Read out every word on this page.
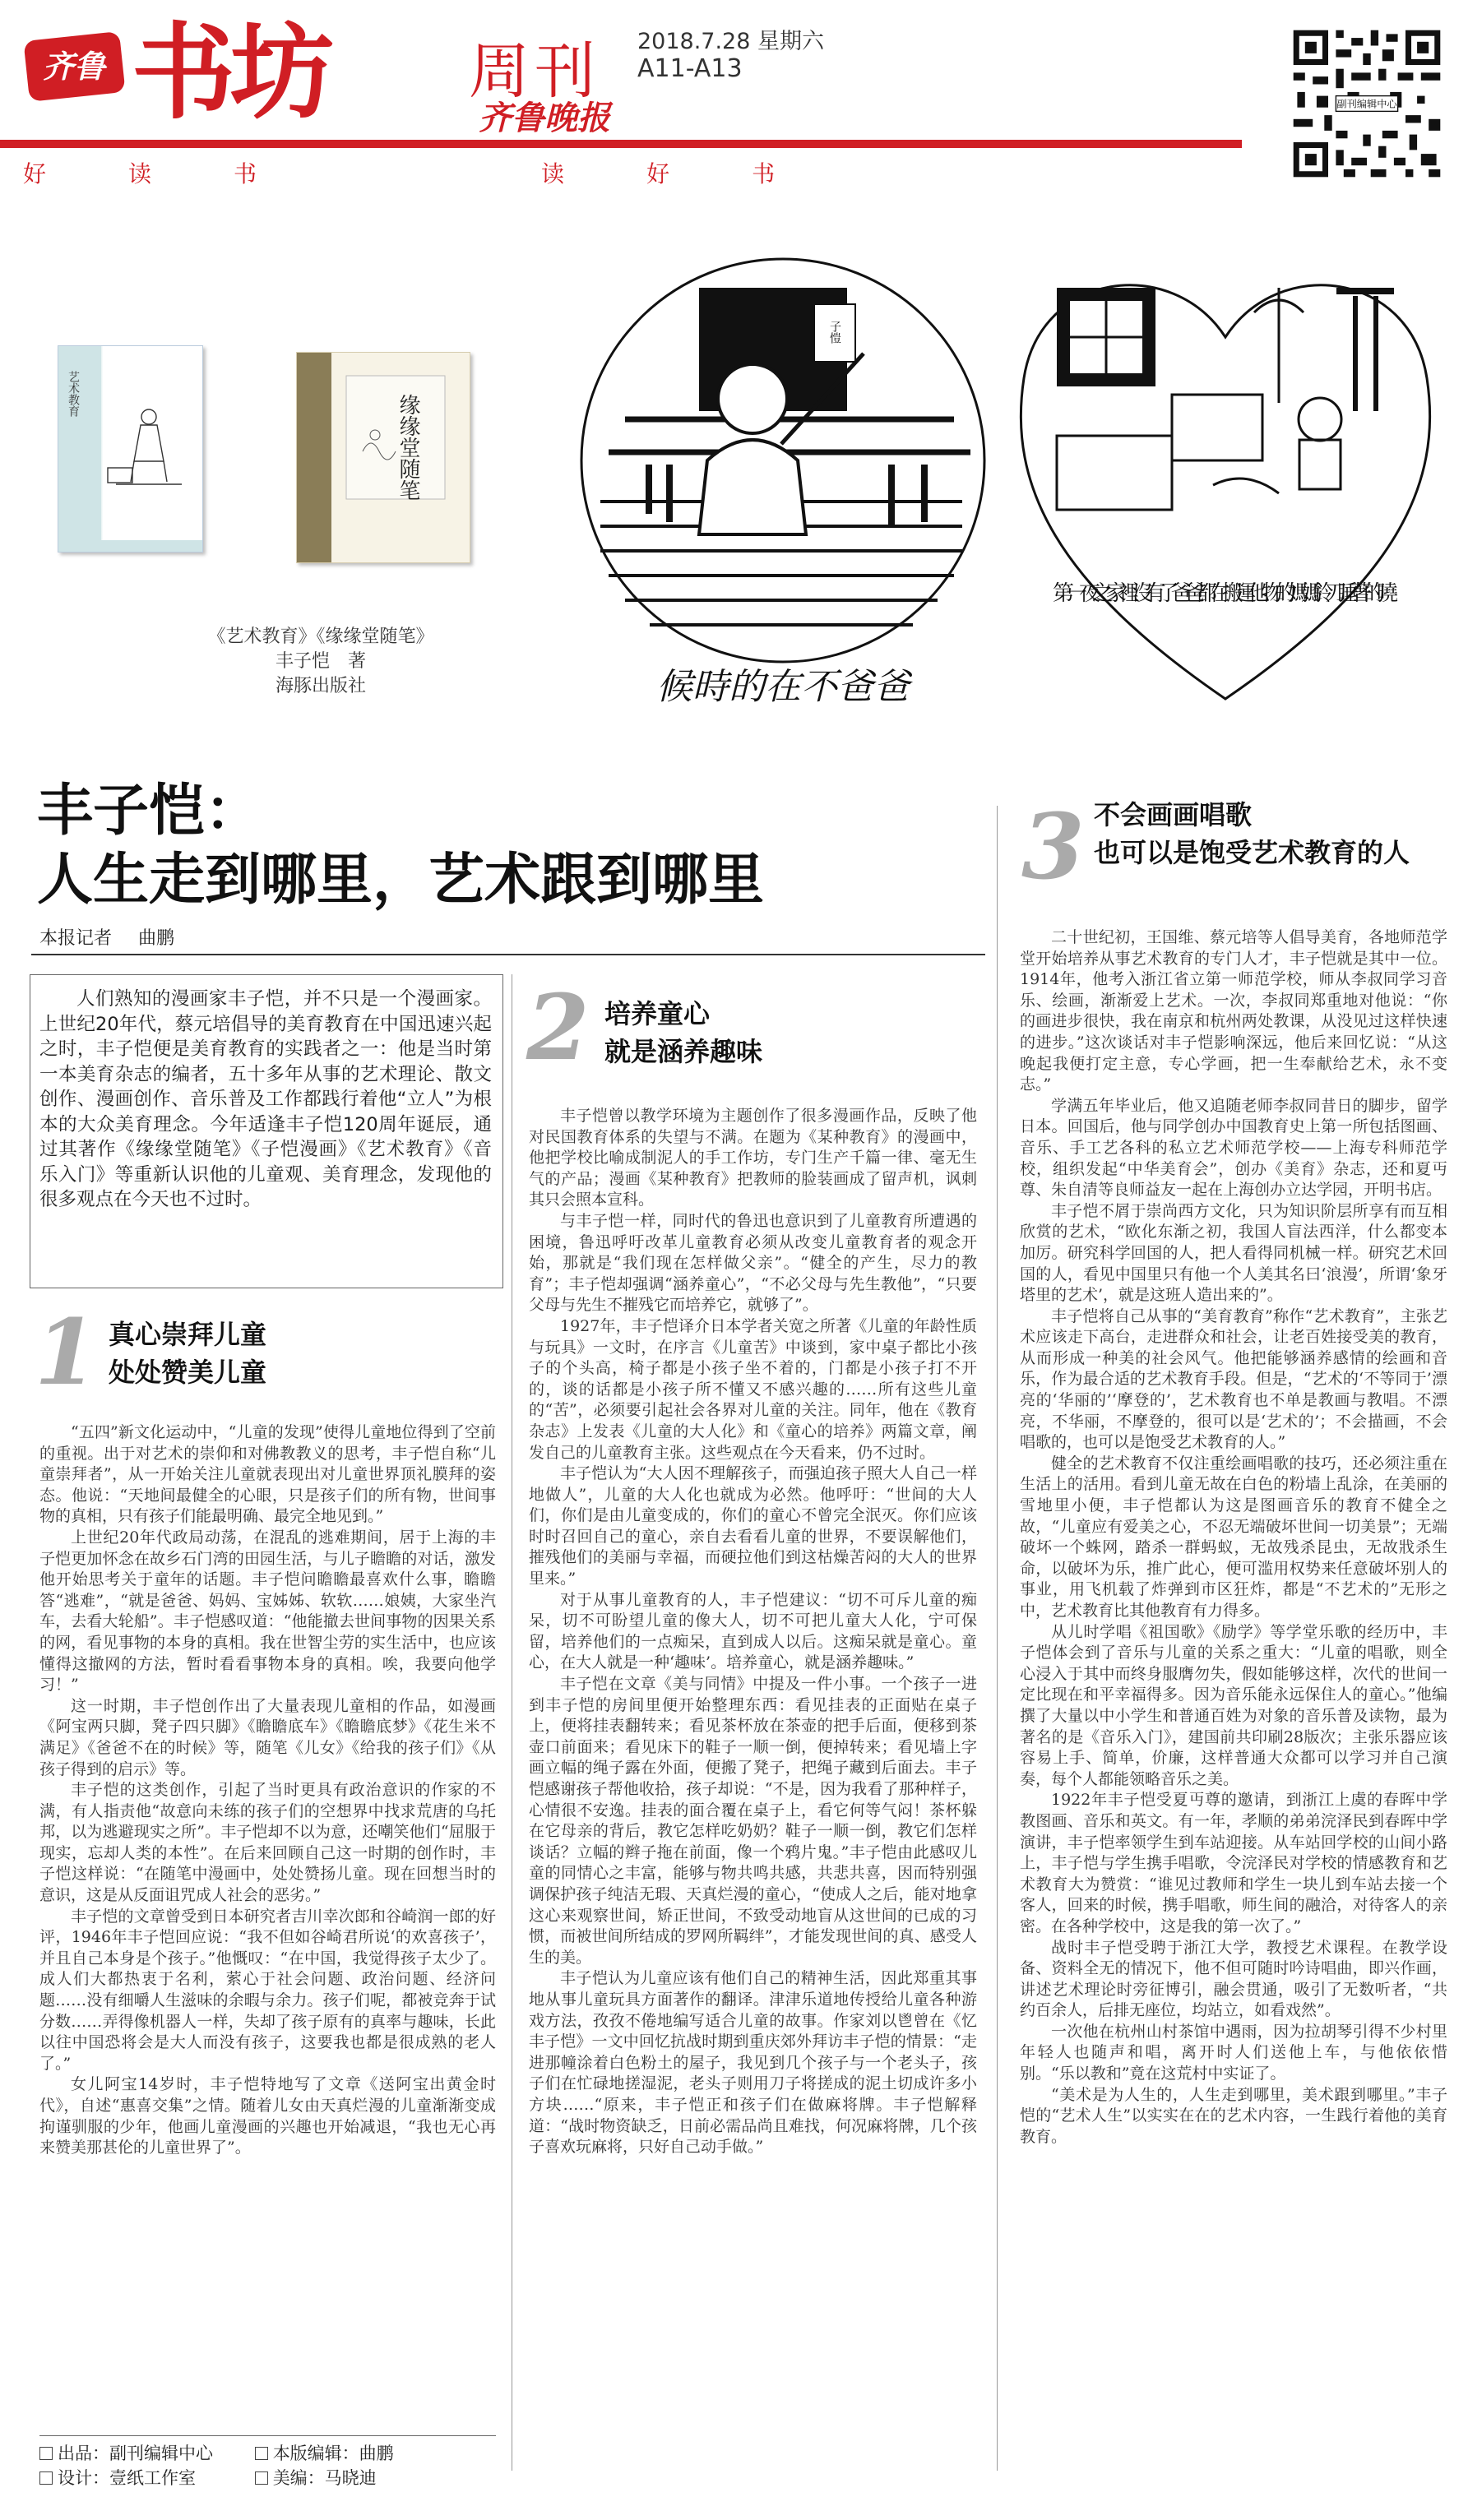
齐鲁 书坊 周刊
齐鲁晚报
2018.7.28 星期六
A11-A13
副刊编辑中心
好	读	书	读	好	书
艺术教育	缘缘堂随笔
《艺术教育》《缘缘堂随笔》
丰子恺　著
海豚出版社
子愷
候時的在不爸爸
第一夜之家裡沒有了爸爸 都在搬運他物的媽媽 鈴刀 睡著的曉
丰子恺：
人生走到哪里，艺术跟到哪里
本报记者 曲鹏

人们熟知的漫画家丰子恺，并不只是一个漫画家。上世纪20年代，蔡元培倡导的美育教育在中国迅速兴起之时，丰子恺便是美育教育的实践者之一：他是当时第一本美育杂志的编者，五十多年从事的艺术理论、散文创作、漫画创作、音乐普及工作都践行着他“立人”为根本的大众美育理念。今年适逢丰子恺120周年诞辰，通过其著作《缘缘堂随笔》《子恺漫画》《艺术教育》《音乐入门》等重新认识他的儿童观、美育理念，发现他的很多观点在今天也不过时。

1 真心崇拜儿童
处处赞美儿童

“五四”新文化运动中，“儿童的发现”使得儿童地位得到了空前的重视。出于对艺术的崇仰和对佛教教义的思考，丰子恺自称“儿童崇拜者”，从一开始关注儿童就表现出对儿童世界顶礼膜拜的姿态。他说：“天地间最健全的心眼，只是孩子们的所有物，世间事物的真相，只有孩子们能最明确、最完全地见到。”

上世纪20年代政局动荡，在混乱的逃难期间，居于上海的丰子恺更加怀念在故乡石门湾的田园生活，与儿子瞻瞻的对话，激发他开始思考关于童年的话题。丰子恺问瞻瞻最喜欢什么事，瞻瞻答“逃难”，“就是爸爸、妈妈、宝姊姊、软软……娘姨，大家坐汽车，去看大轮船”。丰子恺感叹道：“他能撤去世间事物的因果关系的网，看见事物的本身的真相。我在世智尘劳的实生活中，也应该懂得这撤网的方法，暂时看看事物本身的真相。唉，我要向他学习！”

这一时期，丰子恺创作出了大量表现儿童相的作品，如漫画《阿宝两只脚，凳子四只脚》《瞻瞻底车》《瞻瞻底梦》《花生米不满足》《爸爸不在的时候》等，随笔《儿女》《给我的孩子们》《从孩子得到的启示》等。

丰子恺的这类创作，引起了当时更具有政治意识的作家的不满，有人指责他“故意向未练的孩子们的空想界中找求荒唐的乌托邦，以为逃避现实之所”。丰子恺却不以为意，还嘲笑他们“屈服于现实，忘却人类的本性”。在后来回顾自己这一时期的创作时，丰子恺这样说：“在随笔中漫画中，处处赞扬儿童。现在回想当时的意识，这是从反面诅咒成人社会的恶劣。”

丰子恺的文章曾受到日本研究者吉川幸次郎和谷崎润一郎的好评，1946年丰子恺回应说：“我不但如谷崎君所说‘的欢喜孩子’，并且自己本身是个孩子。”他慨叹：“在中国，我觉得孩子太少了。成人们大都热衷于名利，萦心于社会问题、政治问题、经济问题……没有细嚼人生滋味的余暇与余力。孩子们呢，都被竞奔于试分数……弄得像机器人一样，失却了孩子原有的真率与趣味，长此以往中国恐将会是大人而没有孩子，这要我也都是很成熟的老人了。”

女儿阿宝14岁时，丰子恺特地写了文章《送阿宝出黄金时代》，自述“惠喜交集”之情。随着儿女由天真烂漫的儿童渐渐变成拘谨驯服的少年，他画儿童漫画的兴趣也开始减退，“我也无心再来赞美那甚伦的儿童世界了”。

2 培养童心
就是涵养趣味

丰子恺曾以教学环境为主题创作了很多漫画作品，反映了他对民国教育体系的失望与不满。在题为《某种教育》的漫画中，他把学校比喻成制泥人的手工作坊，专门生产千篇一律、毫无生气的产品；漫画《某种教育》把教师的脸装画成了留声机，讽刺其只会照本宣科。

与丰子恺一样，同时代的鲁迅也意识到了儿童教育所遭遇的困境，鲁迅呼吁改革儿童教育必须从改变儿童教育者的观念开始，那就是“我们现在怎样做父亲”。“健全的产生，尽力的教育”；丰子恺却强调“涵养童心”，“不必父母与先生教他”，“只要父母与先生不摧残它而培养它，就够了”。

1927年，丰子恺译介日本学者关宽之所著《儿童的年龄性质与玩具》一文时，在序言《儿童苦》中谈到，家中桌子都比小孩子的个头高，椅子都是小孩子坐不着的，门都是小孩子打不开的，谈的话都是小孩子所不懂又不感兴趣的……所有这些儿童的“苦”，必须要引起社会各界对儿童的关注。同年，他在《教育杂志》上发表《儿童的大人化》和《童心的培养》两篇文章，阐发自己的儿童教育主张。这些观点在今天看来，仍不过时。

丰子恺认为“大人因不理解孩子，而强迫孩子照大人自己一样地做人”，儿童的大人化也就成为必然。他呼吁：“世间的大人们，你们是由儿童变成的，你们的童心不曾完全泯灭。你们应该时时召回自己的童心，亲自去看看儿童的世界，不要误解他们，摧残他们的美丽与幸福，而硬拉他们到这枯燥苦闷的大人的世界里来。”

对于从事儿童教育的人，丰子恺建议：“切不可斥儿童的痴呆，切不可盼望儿童的像大人，切不可把儿童大人化，宁可保留，培养他们的一点痴呆，直到成人以后。这痴呆就是童心。童心，在大人就是一种‘趣味’。培养童心，就是涵养趣味。”

丰子恺在文章《美与同情》中提及一件小事。一个孩子一进到丰子恺的房间里便开始整理东西：看见挂表的正面贴在桌子上，便将挂表翻转来；看见茶杯放在茶壶的把手后面，便移到茶壶口前面来；看见床下的鞋子一顺一倒，便掉转来；看见墙上字画立幅的绳子露在外面，便搬了凳子，把绳子藏到后面去。丰子恺感谢孩子帮他收拾，孩子却说：“不是，因为我看了那种样子，心情很不安逸。挂表的面合覆在桌子上，看它何等气闷！茶杯躲在它母亲的背后，教它怎样吃奶奶？鞋子一顺一倒，教它们怎样谈话？立幅的辫子拖在前面，像一个鸦片鬼。”丰子恺由此感叹儿童的同情心之丰富，能够与物共鸣共感，共悲共喜，因而特别强调保护孩子纯洁无瑕、天真烂漫的童心，“使成人之后，能对地拿这心来观察世间，矫正世间，不致受动地盲从这世间的已成的习惯，而被世间所结成的罗网所羁绊”，才能发现世间的真、感受人生的美。

丰子恺认为儿童应该有他们自己的精神生活，因此郑重其事地从事儿童玩具方面著作的翻译。津津乐道地传授给儿童各种游戏方法，孜孜不倦地编写适合儿童的故事。作家刘以鬯曾在《忆丰子恺》一文中回忆抗战时期到重庆郊外拜访丰子恺的情景：“走进那幢涂着白色粉土的屋子，我见到几个孩子与一个老头子，孩子们在忙碌地搓湿泥，老头子则用刀子将搓成的泥土切成许多小方块……“原来，丰子恺正和孩子们在做麻将牌。丰子恺解释道：“战时物资缺乏，日前必需品尚且难找，何况麻将牌，几个孩子喜欢玩麻将，只好自己动手做。”

3 不会画画唱歌
也可以是饱受艺术教育的人

二十世纪初，王国维、蔡元培等人倡导美育，各地师范学堂开始培养从事艺术教育的专门人才，丰子恺就是其中一位。1914年，他考入浙江省立第一师范学校，师从李叔同学习音乐、绘画，渐渐爱上艺术。一次，李叔同郑重地对他说：“你的画进步很快，我在南京和杭州两处教课，从没见过这样快速的进步。”这次谈话对丰子恺影响深远，他后来回忆说：“从这晚起我便打定主意，专心学画，把一生奉献给艺术，永不变志。”

学满五年毕业后，他又追随老师李叔同昔日的脚步，留学日本。回国后，他与同学创办中国教育史上第一所包括图画、音乐、手工艺各科的私立艺术师范学校——上海专科师范学校，组织发起“中华美育会”，创办《美育》杂志，还和夏丏尊、朱自清等良师益友一起在上海创办立达学园，开明书店。

丰子恺不屑于崇尚西方文化，只为知识阶层所享有而互相欣赏的艺术，“欧化东渐之初，我国人盲法西洋，什么都变本加厉。研究科学回国的人，把人看得同机械一样。研究艺术回国的人，看见中国里只有他一个人美其名曰‘浪漫’，所谓‘象牙塔里的艺术’，就是这班人造出来的”。

丰子恺将自己从事的“美育教育”称作“艺术教育”，主张艺术应该走下高台，走进群众和社会，让老百姓接受美的教育，从而形成一种美的社会风气。他把能够涵养感情的绘画和音乐，作为最合适的艺术教育手段。但是，“艺术的‘不等同于’漂亮的‘华丽的’‘摩登的’，艺术教育也不单是教画与教唱。不漂亮，不华丽，不摩登的，很可以是‘艺术的’；不会描画，不会唱歌的，也可以是饱受艺术教育的人。”

健全的艺术教育不仅注重绘画唱歌的技巧，还必须注重在生活上的活用。看到儿童无故在白色的粉墙上乱涂，在美丽的雪地里小便，丰子恺都认为这是图画音乐的教育不健全之故，“儿童应有爱美之心，不忍无端破坏世间一切美景”；无端破坏一个蛛网，踏杀一群蚂蚁，无故残杀昆虫，无故戕杀生命，以破坏为乐，推广此心，便可滥用权势来任意破坏别人的事业，用飞机载了炸弹到市区狂炸，都是“不艺术的”无形之中，艺术教育比其他教育有力得多。

从儿时学唱《祖国歌》《励学》等学堂乐歌的经历中，丰子恺体会到了音乐与儿童的关系之重大：“儿童的唱歌，则全心浸入于其中而终身服膺勿失，假如能够这样，次代的世间一定比现在和平幸福得多。因为音乐能永远保住人的童心。”他编撰了大量以中小学生和普通百姓为对象的音乐普及读物，最为著名的是《音乐入门》，建国前共印刷28版次；主张乐器应该容易上手、简单，价廉，这样普通大众都可以学习并自己演奏，每个人都能领略音乐之美。

1922年丰子恺受夏丏尊的邀请，到浙江上虞的春晖中学教图画、音乐和英文。有一年，孝顺的弟弟浣泽民到春晖中学演讲，丰子恺率领学生到车站迎接。从车站回学校的山间小路上，丰子恺与学生携手唱歌，令浣泽民对学校的情感教育和艺术教育大为赞赏：“谁见过教师和学生一块儿到车站去接一个客人，回来的时候，携手唱歌，师生间的融洽，对待客人的亲密。在各种学校中，这是我的第一次了。”

战时丰子恺受聘于浙江大学，教授艺术课程。在教学设备、资料全无的情况下，他不但可随时吟诗唱曲，即兴作画，讲述艺术理论时旁征博引，融会贯通，吸引了无数听者，“共约百余人，后排无座位，均站立，如看戏然”。

一次他在杭州山村茶馆中遇雨，因为拉胡琴引得不少村里年轻人也随声和唱，离开时人们送他上车，与他依依惜别。“乐以教和”竟在这荒村中实证了。

“美术是为人生的，人生走到哪里，美术跟到哪里。”丰子恺的“艺术人生”以实实在在的艺术内容，一生践行着他的美育教育。

出品：副刊编辑中心	本版编辑：曲鹏
设计：壹纸工作室	美编：马晓迪
